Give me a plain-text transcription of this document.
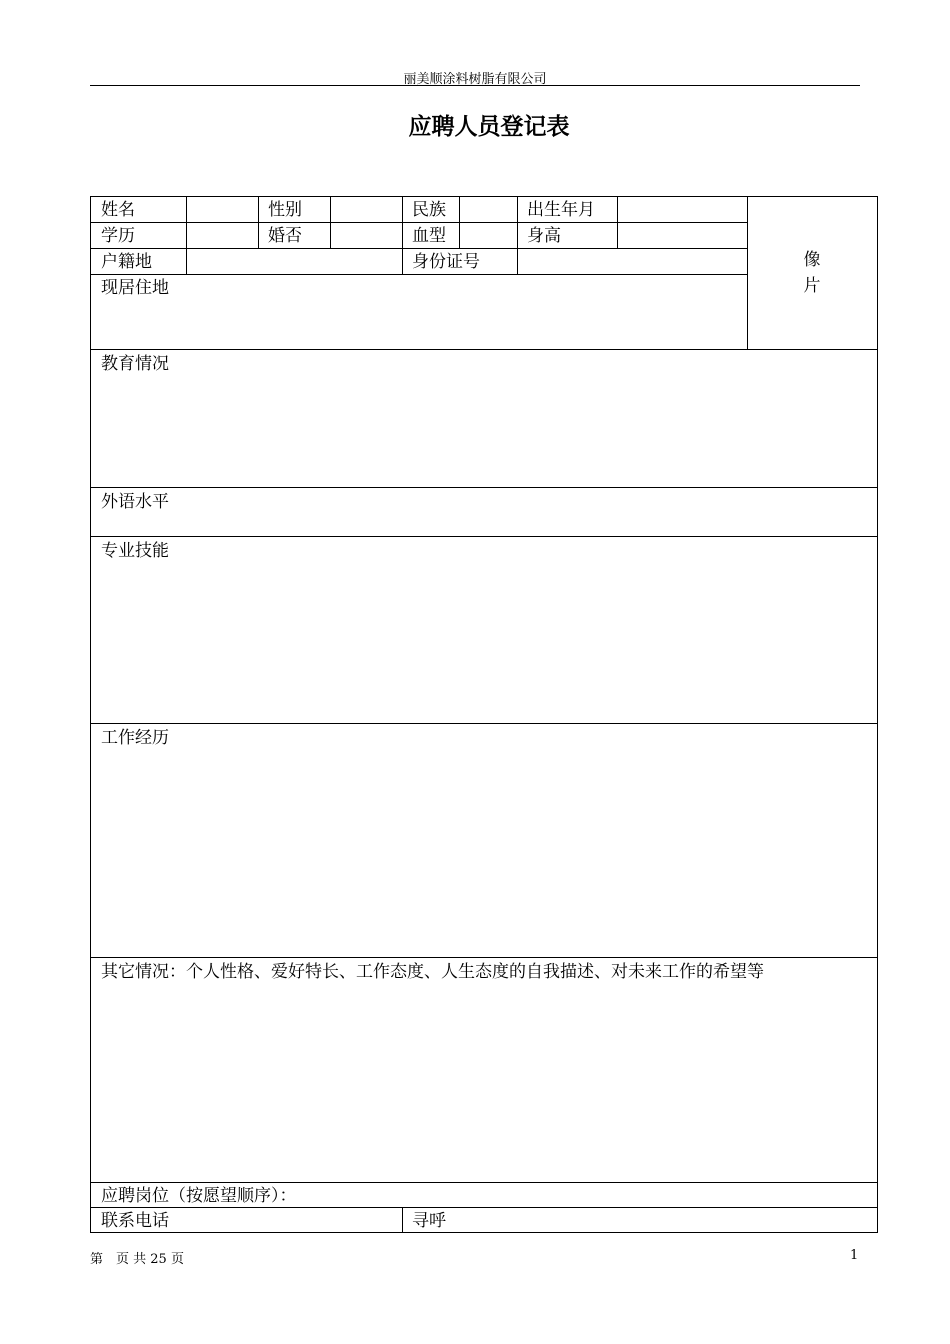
丽美顺涂料树脂有限公司
应聘人员登记表
姓名	性别	民族	出生年月
学历	婚否	血型	身高
户籍地	身份证号
现居住地
像
片
教育情况
外语水平
专业技能
工作经历
其它情况：个人性格、爱好特长、工作态度、人生态度的自我描述、对未来工作的希望等
应聘岗位（按愿望顺序）：
联系电话	寻呼
第　页 共 25 页	1
